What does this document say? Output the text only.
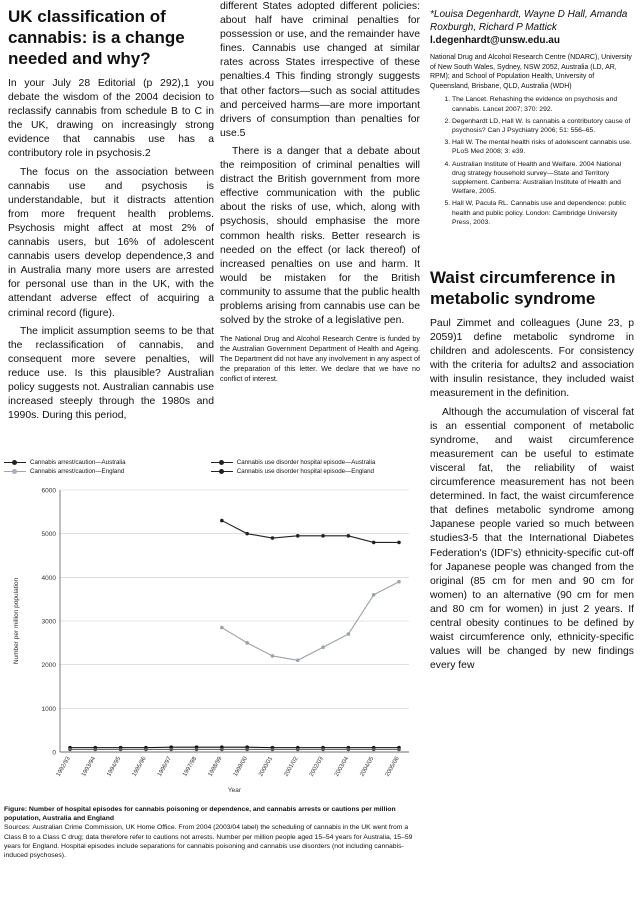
UK classification of cannabis: is a change needed and why?

In your July 28 Editorial (p 292),1 you debate the wisdom of the 2004 decision to reclassify cannabis from schedule B to C in the UK, drawing on increasingly strong evidence that cannabis use has a contributory role in psychosis.2

The focus on the association between cannabis use and psychosis is understandable, but it distracts attention from more frequent health problems. Psychosis might affect at most 2% of cannabis users, but 16% of adolescent cannabis users develop dependence,3 and in Australia many more users are arrested for personal use than in the UK, with the attendant adverse effect of acquiring a criminal record (figure).

The implicit assumption seems to be that the reclassification of cannabis, and consequent more severe penalties, will reduce use. Is this plausible? Australian policy suggests not. Australian cannabis use increased steeply through the 1980s and 1990s. During this period,

different States adopted different policies: about half have criminal penalties for possession or use, and the remainder have fines. Cannabis use changed at similar rates across States irrespective of these penalties.4 This finding strongly suggests that other factors—such as social attitudes and perceived harms—are more important drivers of consumption than penalties for use.5

There is a danger that a debate about the reimposition of criminal penalties will distract the British government from more effective communication with the public about the risks of use, which, along with psychosis, should emphasise the more common health risks. Better research is needed on the effect (or lack thereof) of increased penalties on use and harm. It would be mistaken for the British community to assume that the public health problems arising from cannabis use can be solved by the stroke of a legislative pen.

The National Drug and Alcohol Research Centre is funded by the Australian Government Department of Health and Ageing. The Department did not have any involvement in any aspect of the preparation of this letter. We declare that we have no conflict of interest.

*Louisa Degenhardt, Wayne D Hall, Amanda Roxburgh, Richard P Mattick
l.degenhardt@unsw.edu.au
National Drug and Alcohol Research Centre (NDARC), University of New South Wales, Sydney, NSW 2052, Australia (LD, AR, RPM); and School of Population Health, University of Queensland, Brisbane, QLD, Australia (WDH)
1. The Lancet. Rehashing the evidence on psychosis and cannabis. Lancet 2007; 370: 292.
2. Degenhardt LD, Hall W. Is cannabis a contributory cause of psychosis? Can J Psychiatry 2006; 51: 556–65.
3. Hall W. The mental health risks of adolescent cannabis use. PLoS Med 2008; 3: e39.
4. Australian Institute of Health and Welfare. 2004 National drug strategy household survey—State and Territory supplement. Canberra: Australian Institute of Health and Welfare, 2005.
5. Hall W, Pacula RL. Cannabis use and dependence: public health and public policy. London: Cambridge University Press, 2003.
Waist circumference in metabolic syndrome

Paul Zimmet and colleagues (June 23, p 2059)1 define metabolic syndrome in children and adolescents. For consistency with the criteria for adults2 and association with insulin resistance, they included waist measurement in the definition.

Although the accumulation of visceral fat is an essential component of metabolic syndrome, and waist circumference measurement can be useful to estimate visceral fat, the reliability of waist circumference measurement has not been determined. In fact, the waist circumference that defines metabolic syndrome among Japanese people varied so much between studies3-5 that the International Diabetes Federation's (IDF's) ethnicity-specific cut-off for Japanese people was changed from the original (85 cm for men and 90 cm for women) to an alternative (90 cm for men and 80 cm for women) in just 2 years. If central obesity continues to be defined by waist circumference only, ethnicity-specific values will be changed by new findings every few

Cannabis arrest/caution—Australia	Cannabis use disorder hospital episode—Australia

Cannabis arrest/caution—England	Cannabis use disorder hospital episode—England
0
1000
2000
3000
4000
5000
6000
1992/93 1993/94 1994/95 1995/96 1996/97 1997/98 1998/99 1999/00 2000/01 2001/02 2002/03 2003/04 2004/05 2005/06
Number per million population
Year
Figure: Number of hospital episodes for cannabis poisoning or dependence, and cannabis arrests or cautions per million population, Australia and England
Sources: Australian Crime Commission, UK Home Office. From 2004 (2003/04 label) the scheduling of cannabis in the UK went from a Class B to a Class C drug; data therefore refer to cautions not arrests. Number per million people aged 15–54 years for Australia, 15–59 years for England. Hospital episodes include separations for cannabis poisoning and cannabis use disorders (not including cannabis-induced psychoses).
